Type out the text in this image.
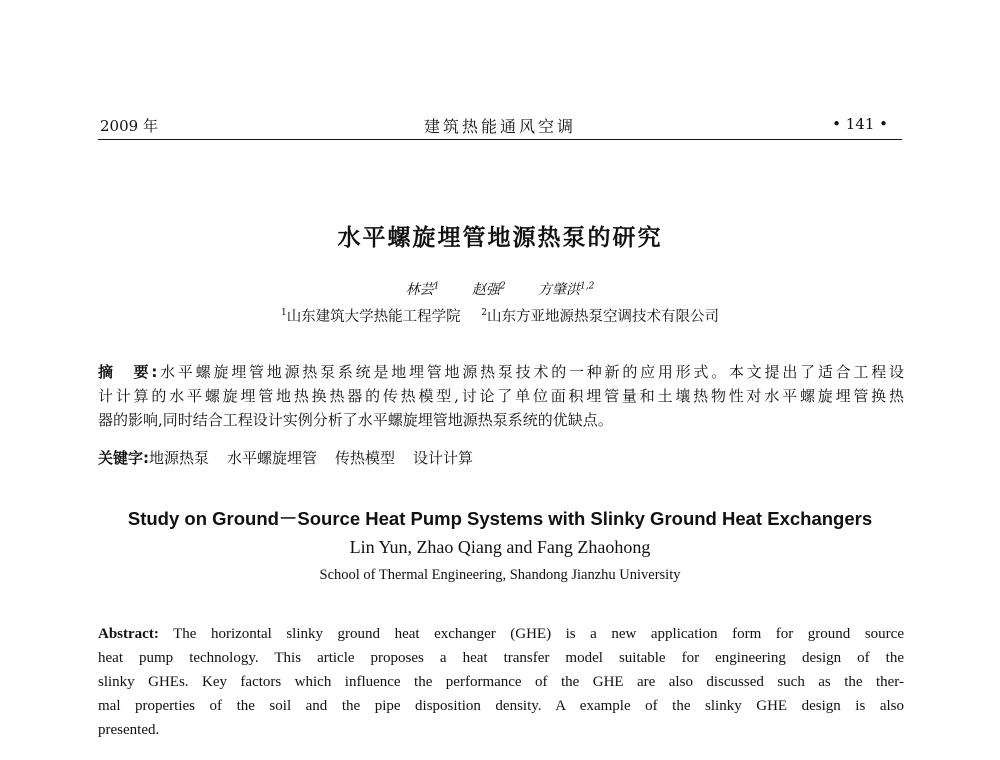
2009 年	建筑热能通风空调	• 141 •
水平螺旋埋管地源热泵的研究
林芸$^1$ 赵强$^2$ 方肇洪$^{1,2}$
$^1$山东建筑大学热能工程学院 $^2$山东方亚地源热泵空调技术有限公司
摘　要:水平螺旋埋管地源热泵系统是地埋管地源热泵技术的一种新的应用形式。本文提出了适合工程设
计计算的水平螺旋埋管地热换热器的传热模型,讨论了单位面积埋管量和土壤热物性对水平螺旋埋管换热
器的影响,同时结合工程设计实例分析了水平螺旋埋管地源热泵系统的优缺点。
关键字:地源热泵 水平螺旋埋管 传热模型 设计计算
Study on Ground－Source Heat Pump Systems with Slinky Ground Heat Exchangers
Lin Yun, Zhao Qiang and Fang Zhaohong
School of Thermal Engineering, Shandong Jianzhu University
Abstract: The horizontal slinky ground heat exchanger (GHE) is a new application form for ground source
heat pump technology. This article proposes a heat transfer model suitable for engineering design of the
slinky GHEs. Key factors which influence the performance of the GHE are also discussed such as the ther-
mal properties of the soil and the pipe disposition density. A example of the slinky GHE design is also
presented.
